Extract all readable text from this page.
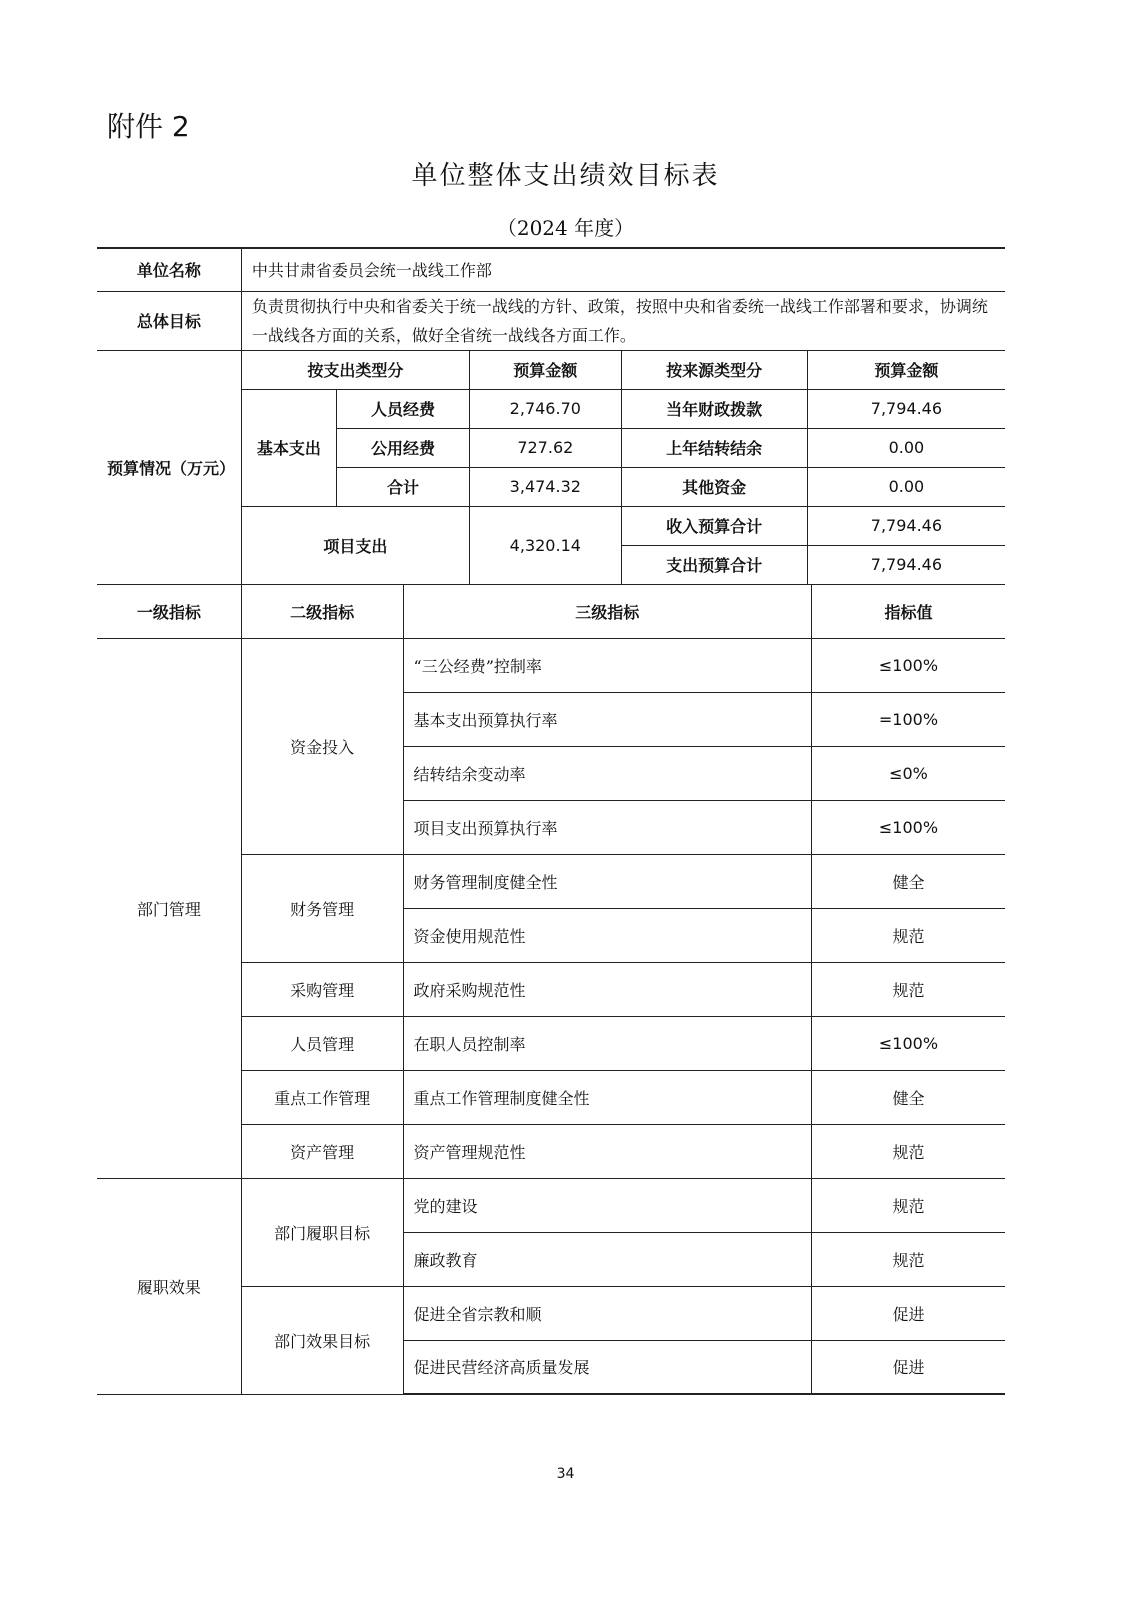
附件 2
单位整体支出绩效目标表
（2024 年度）
单位名称	中共甘肃省委员会统一战线工作部						
总体目标	负责贯彻执行中央和省委关于统一战线的方针、政策，按照中央和省委统一战线工作部署和要求，协调统一战线各方面的关系，做好全省统一战线各方面工作。						
预算情况（万元）	按支出类型分			预算金额	按来源类型分	预算金额	
	基本支出	人员经费		2,746.70	当年财政拨款	7,794.46	
		公用经费		727.62	上年结转结余	0.00	
		合计		3,474.32	其他资金	0.00	
	项目支出			4,320.14	收入预算合计	7,794.46	
					支出预算合计	7,794.46	
一级指标	二级指标		三级指标				指标值
部门管理	资金投入		“三公经费”控制率				≤100%
			基本支出预算执行率				=100%
			结转结余变动率				≤0%
			项目支出预算执行率				≤100%
	财务管理		财务管理制度健全性				健全
			资金使用规范性				规范
	采购管理		政府采购规范性				规范
	人员管理		在职人员控制率				≤100%
	重点工作管理		重点工作管理制度健全性				健全
	资产管理		资产管理规范性				规范
履职效果	部门履职目标		党的建设				规范
			廉政教育				规范
	部门效果目标		促进全省宗教和顺				促进
			促进民营经济高质量发展				促进
34
